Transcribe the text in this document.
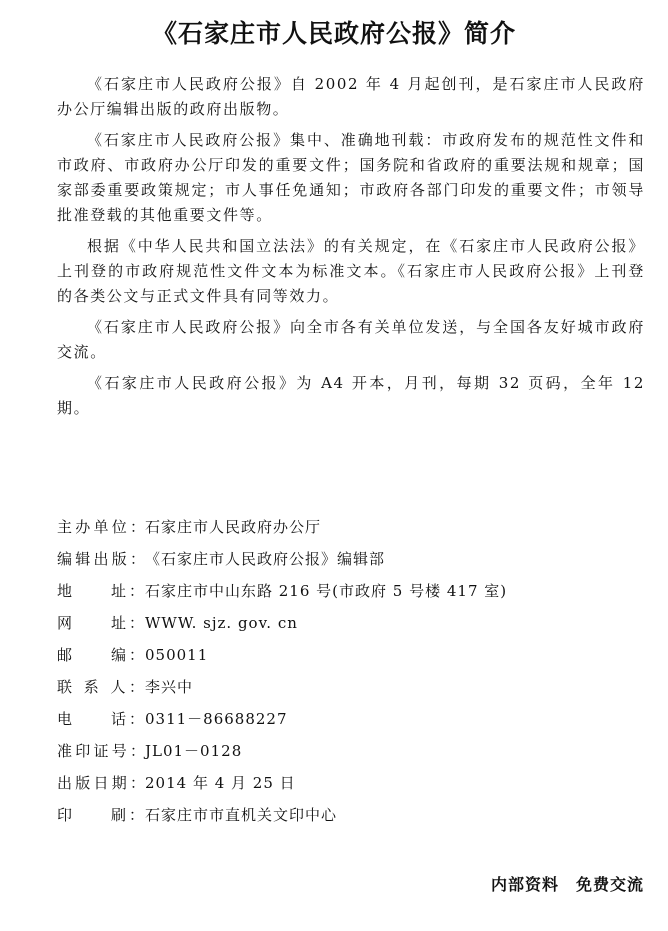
《石家庄市人民政府公报》简介

《石家庄市人民政府公报》自 2002 年 4 月起创刊，是石家庄市人民政府办公厅编辑出版的政府出版物。

《石家庄市人民政府公报》集中、准确地刊载：市政府发布的规范性文件和市政府、市政府办公厅印发的重要文件；国务院和省政府的重要法规和规章；国家部委重要政策规定；市人事任免通知；市政府各部门印发的重要文件；市领导批准登载的其他重要文件等。

根据《中华人民共和国立法法》的有关规定，在《石家庄市人民政府公报》上刊登的市政府规范性文件文本为标准文本。《石家庄市人民政府公报》上刊登的各类公文与正式文件具有同等效力。

《石家庄市人民政府公报》向全市各有关单位发送，与全国各友好城市政府交流。

《石家庄市人民政府公报》为 A4 开本，月刊，每期 32 页码，全年 12 期。

主办单位：石家庄市人民政府办公厅
编辑出版：《石家庄市人民政府公报》编辑部
地　　址：石家庄市中山东路 216 号(市政府 5 号楼 417 室)
网　　址：WWW. sjz. gov. cn
邮　　编：050011
联 系 人：李兴中
电　　话：0311－86688227
准印证号：JL01－0128
出版日期：2014 年 4 月 25 日
印　　刷：石家庄市市直机关文印中心
内部资料　免费交流
